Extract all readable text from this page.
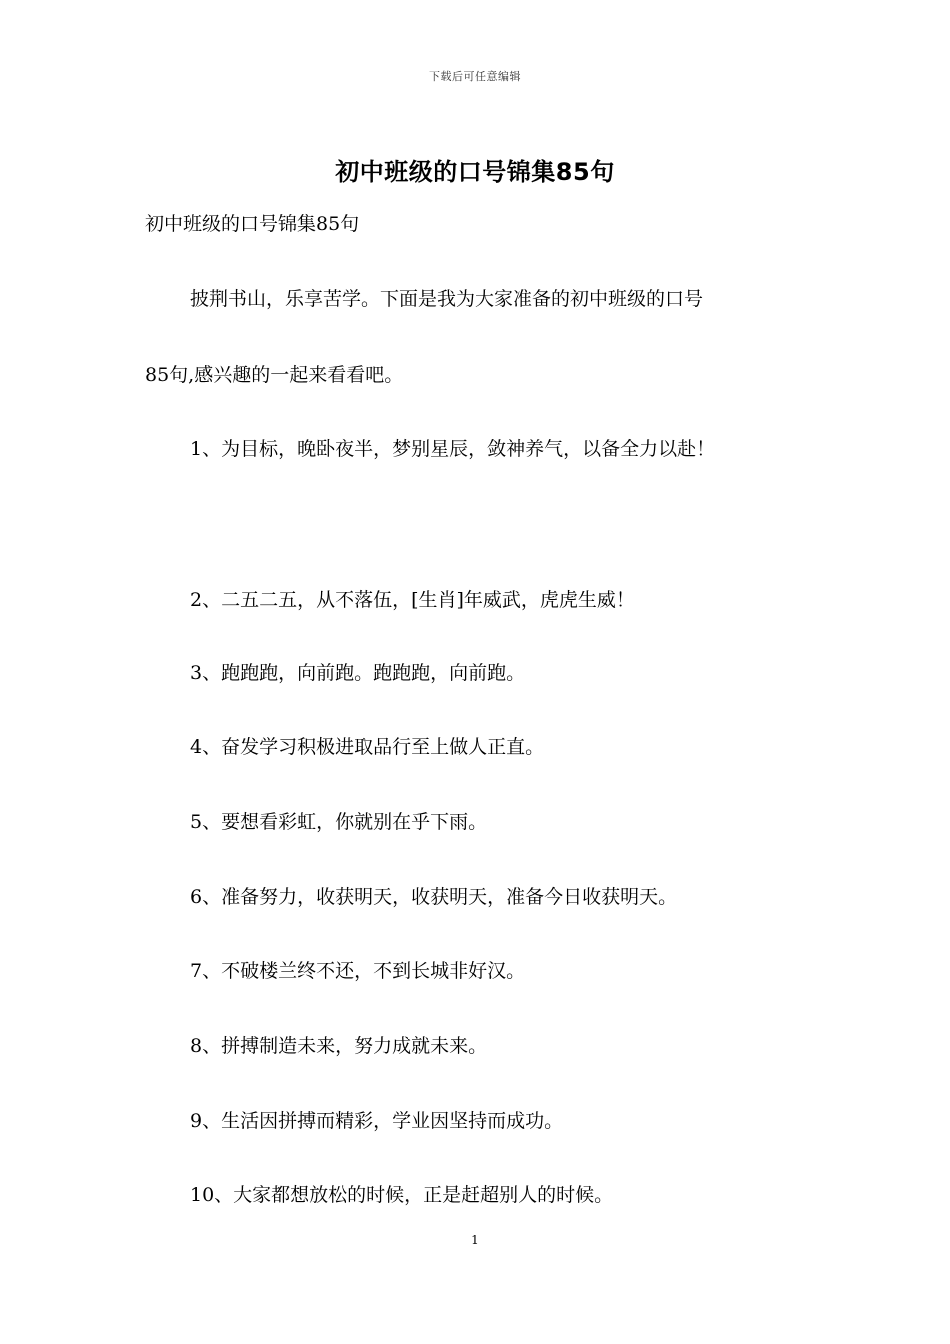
下载后可任意编辑
初中班级的口号锦集85句
初中班级的口号锦集85句
披荆书山，乐享苦学。下面是我为大家准备的初中班级的口号
85句,感兴趣的一起来看看吧。
1、为目标，晚卧夜半，梦别星辰，敛神养气，以备全力以赴！
2、二五二五，从不落伍，[生肖]年威武，虎虎生威！
3、跑跑跑，向前跑。跑跑跑，向前跑。
4、奋发学习积极进取品行至上做人正直。
5、要想看彩虹，你就别在乎下雨。
6、准备努力，收获明天，收获明天，准备今日收获明天。
7、不破楼兰终不还，不到长城非好汉。
8、拼搏制造未来，努力成就未来。
9、生活因拼搏而精彩，学业因坚持而成功。
10、大家都想放松的时候，正是赶超别人的时候。
1
